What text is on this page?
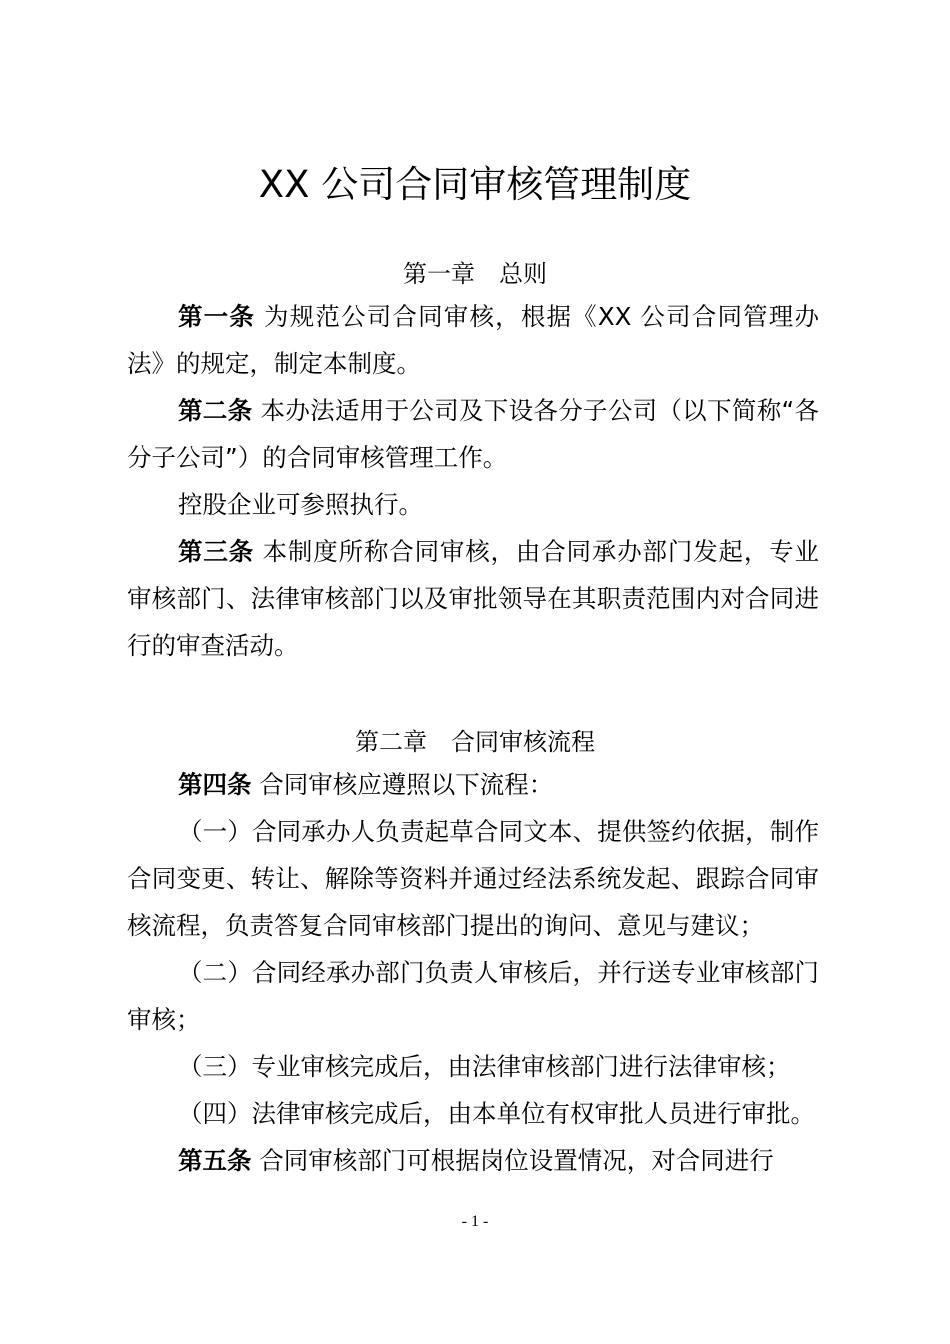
XX 公司合同审核管理制度
第一章　总则

第一条 为规范公司合同审核，根据《XX 公司合同管理办法》的规定，制定本制度。

第二条 本办法适用于公司及下设各分子公司（以下简称“各分子公司”）的合同审核管理工作。

控股企业可参照执行。

第三条 本制度所称合同审核，由合同承办部门发起，专业审核部门、法律审核部门以及审批领导在其职责范围内对合同进行的审查活动。

第二章　合同审核流程

第四条 合同审核应遵照以下流程：

（一）合同承办人负责起草合同文本、提供签约依据，制作合同变更、转让、解除等资料并通过经法系统发起、跟踪合同审核流程，负责答复合同审核部门提出的询问、意见与建议；

（二）合同经承办部门负责人审核后，并行送专业审核部门审核；

（三）专业审核完成后，由法律审核部门进行法律审核；

（四）法律审核完成后，由本单位有权审批人员进行审批。

第五条 合同审核部门可根据岗位设置情况，对合同进行

- 1 -
